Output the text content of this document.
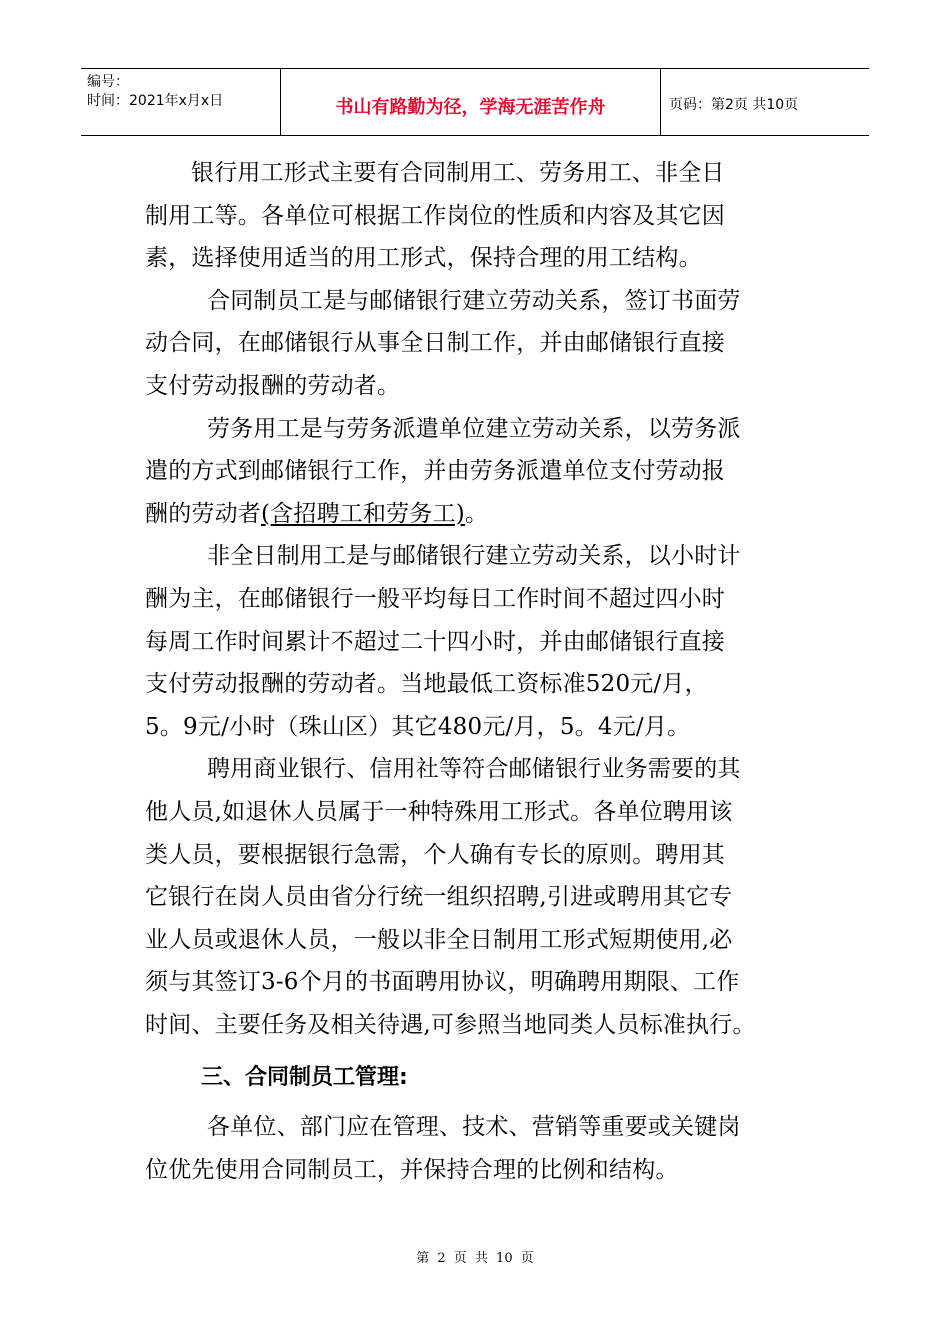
编号：
时间：2021年x月x日	书山有路勤为径，学海无涯苦作舟	页码：第2页 共10页

银行用工形式主要有合同制用工、劳务用工、非全日
制用工等。各单位可根据工作岗位的性质和内容及其它因
素，选择使用适当的用工形式，保持合理的用工结构。

合同制员工是与邮储银行建立劳动关系，签订书面劳
动合同，在邮储银行从事全日制工作，并由邮储银行直接
支付劳动报酬的劳动者。

劳务用工是与劳务派遣单位建立劳动关系，以劳务派
遣的方式到邮储银行工作，并由劳务派遣单位支付劳动报
酬的劳动者(含招聘工和劳务工)。

非全日制用工是与邮储银行建立劳动关系，以小时计
酬为主，在邮储银行一般平均每日工作时间不超过四小时
每周工作时间累计不超过二十四小时，并由邮储银行直接
支付劳动报酬的劳动者。当地最低工资标准520元/月，
5。9元/小时（珠山区）其它480元/月，5。4元/月。

聘用商业银行、信用社等符合邮储银行业务需要的其
他人员,如退休人员属于一种特殊用工形式。各单位聘用该
类人员，要根据银行急需，个人确有专长的原则。聘用其
它银行在岗人员由省分行统一组织招聘,引进或聘用其它专
业人员或退休人员，一般以非全日制用工形式短期使用,必
须与其签订3-6个月的书面聘用协议，明确聘用期限、工作
时间、主要任务及相关待遇,可参照当地同类人员标准执行。

三、合同制员工管理:

各单位、部门应在管理、技术、营销等重要或关键岗
位优先使用合同制员工，并保持合理的比例和结构。

第 2 页 共 10 页
